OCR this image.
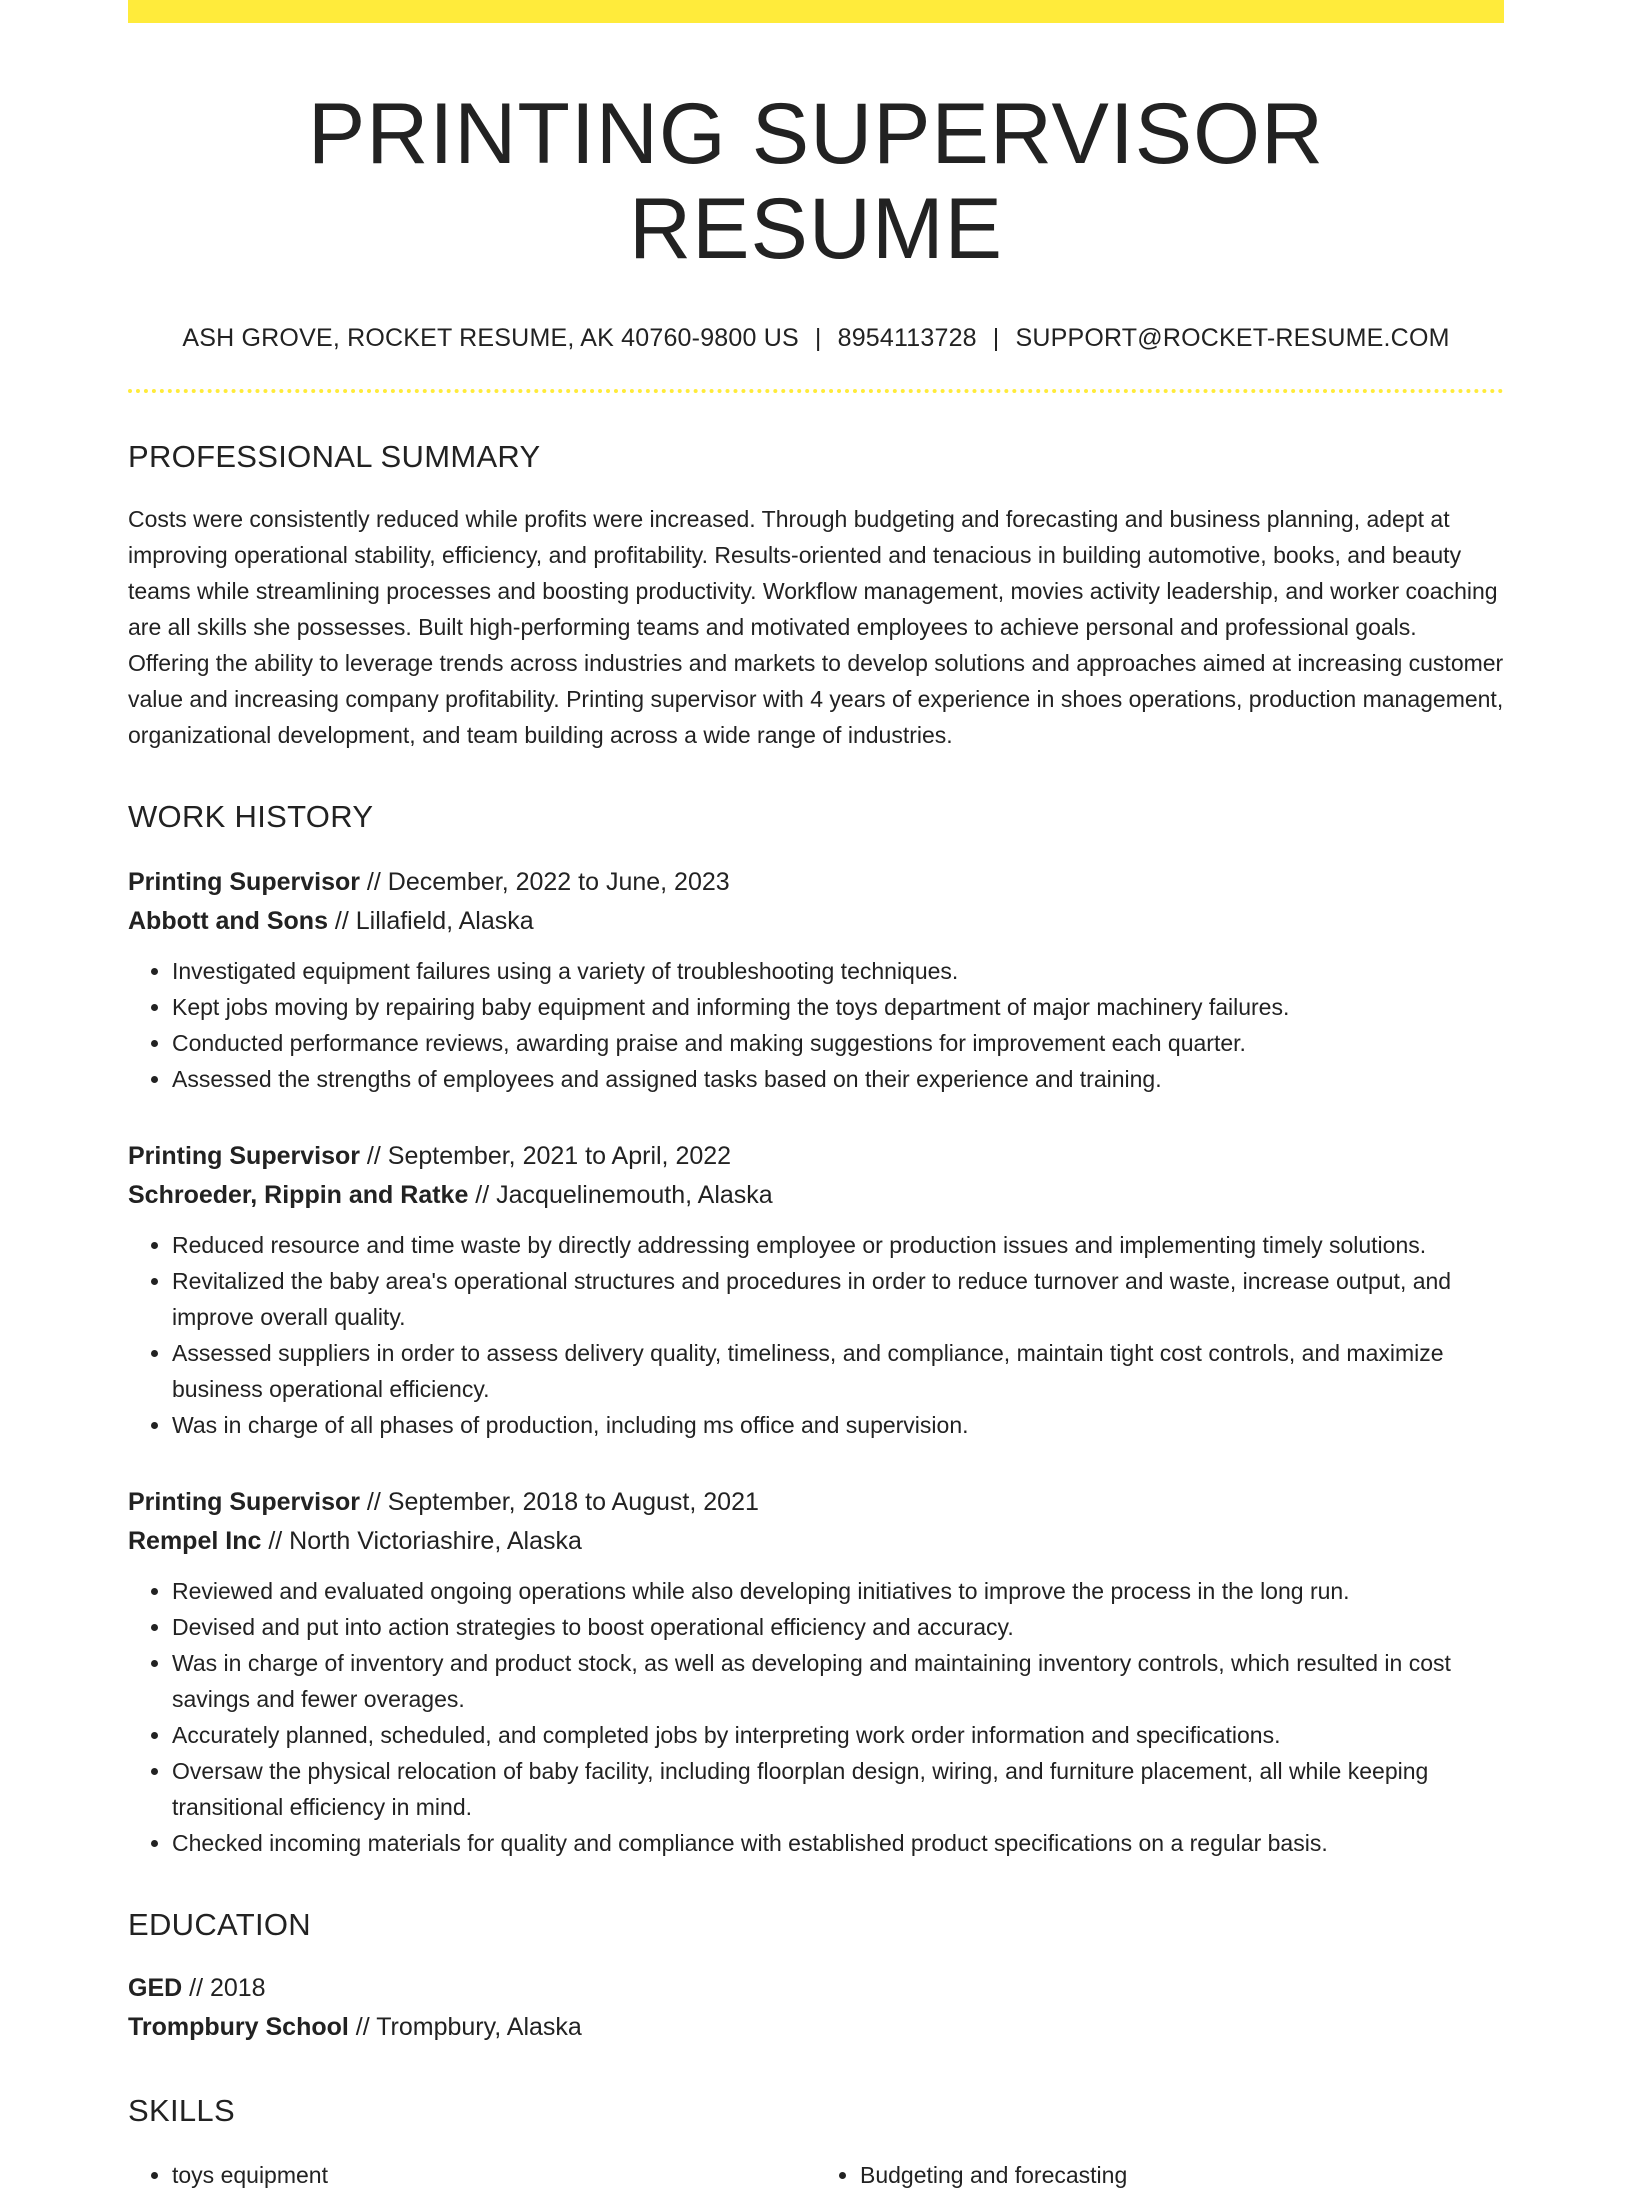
PRINTING SUPERVISOR RESUME
ASH GROVE, ROCKET RESUME, AK 40760-9800 US | 8954113728 | SUPPORT@ROCKET-RESUME.COM
PROFESSIONAL SUMMARY
Costs were consistently reduced while profits were increased. Through budgeting and forecasting and business planning, adept at improving operational stability, efficiency, and profitability. Results-oriented and tenacious in building automotive, books, and beauty teams while streamlining processes and boosting productivity. Workflow management, movies activity leadership, and worker coaching are all skills she possesses. Built high-performing teams and motivated employees to achieve personal and professional goals. Offering the ability to leverage trends across industries and markets to develop solutions and approaches aimed at increasing customer value and increasing company profitability. Printing supervisor with 4 years of experience in shoes operations, production management, organizational development, and team building across a wide range of industries.
WORK HISTORY
Printing Supervisor // December, 2022 to June, 2023
Abbott and Sons // Lillafield, Alaska
• Investigated equipment failures using a variety of troubleshooting techniques.
• Kept jobs moving by repairing baby equipment and informing the toys department of major machinery failures.
• Conducted performance reviews, awarding praise and making suggestions for improvement each quarter.
• Assessed the strengths of employees and assigned tasks based on their experience and training.
Printing Supervisor // September, 2021 to April, 2022
Schroeder, Rippin and Ratke // Jacquelinemouth, Alaska
• Reduced resource and time waste by directly addressing employee or production issues and implementing timely solutions.
• Revitalized the baby area's operational structures and procedures in order to reduce turnover and waste, increase output, and improve overall quality.
• Assessed suppliers in order to assess delivery quality, timeliness, and compliance, maintain tight cost controls, and maximize business operational efficiency.
• Was in charge of all phases of production, including ms office and supervision.
Printing Supervisor // September, 2018 to August, 2021
Rempel Inc // North Victoriashire, Alaska
• Reviewed and evaluated ongoing operations while also developing initiatives to improve the process in the long run.
• Devised and put into action strategies to boost operational efficiency and accuracy.
• Was in charge of inventory and product stock, as well as developing and maintaining inventory controls, which resulted in cost savings and fewer overages.
• Accurately planned, scheduled, and completed jobs by interpreting work order information and specifications.
• Oversaw the physical relocation of baby facility, including floorplan design, wiring, and furniture placement, all while keeping transitional efficiency in mind.
• Checked incoming materials for quality and compliance with established product specifications on a regular basis.
EDUCATION
GED // 2018
Trompbury School // Trompbury, Alaska
SKILLS
• toys equipment
•	Budgeting and forecasting
